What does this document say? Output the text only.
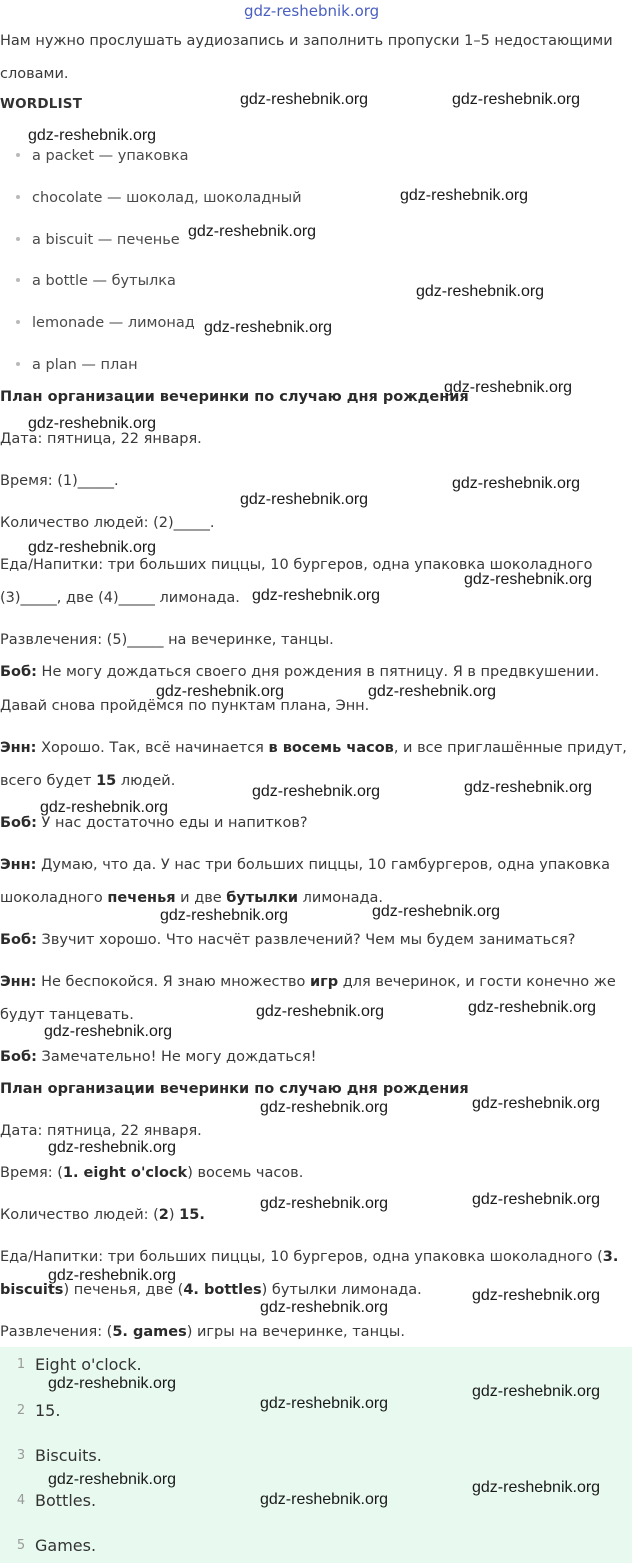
gdz-reshebnik.org
Нам нужно прослушать аудиозапись и заполнить пропуски 1–5 недостающими
словами.
WORDLIST
a packet — упаковка
chocolate — шоколад, шоколадный
a biscuit — печенье
a bottle — бутылка
lemonade — лимонад
a plan — план
План организации вечеринки по случаю дня рождения
Дата: пятница, 22 января.
Время: (1)_____.
Количество людей: (2)_____.
Еда/Напитки: три больших пиццы, 10 бургеров, одна упаковка шоколадного
(3)_____, две (4)_____ лимонада.
Развлечения: (5)_____ на вечеринке, танцы.
Боб: Не могу дождаться своего дня рождения в пятницу. Я в предвкушении.
Давай снова пройдёмся по пунктам плана, Энн.
Энн: Хорошо. Так, всё начинается в восемь часов, и все приглашённые придут,
всего будет 15 людей.
Боб: У нас достаточно еды и напитков?
Энн: Думаю, что да. У нас три больших пиццы, 10 гамбургеров, одна упаковка
шоколадного печенья и две бутылки лимонада.
Боб: Звучит хорошо. Что насчёт развлечений? Чем мы будем заниматься?
Энн: Не беспокойся. Я знаю множество игр для вечеринок, и гости конечно же
будут танцевать.
Боб: Замечательно! Не могу дождаться!
План организации вечеринки по случаю дня рождения
Дата: пятница, 22 января.
Время: (1. eight o'clock) восемь часов.
Количество людей: (2) 15.
Еда/Напитки: три больших пиццы, 10 бургеров, одна упаковка шоколадного (3.
biscuits) печенья, две (4. bottles) бутылки лимонада.
Развлечения: (5. games) игры на вечеринке, танцы.
1 Eight o'clock.
2 15.
3 Biscuits.
4 Bottles.
5 Games.
gdz-reshebnik.org	gdz-reshebnik.org
gdz-reshebnik.org
gdz-reshebnik.org
gdz-reshebnik.org
gdz-reshebnik.org
gdz-reshebnik.org
gdz-reshebnik.org
gdz-reshebnik.org
gdz-reshebnik.org
gdz-reshebnik.org
gdz-reshebnik.org
gdz-reshebnik.org
gdz-reshebnik.org
gdz-reshebnik.org	gdz-reshebnik.org
gdz-reshebnik.org	gdz-reshebnik.org
gdz-reshebnik.org
gdz-reshebnik.org	gdz-reshebnik.org
gdz-reshebnik.org	gdz-reshebnik.org
gdz-reshebnik.org
gdz-reshebnik.org	gdz-reshebnik.org
gdz-reshebnik.org
gdz-reshebnik.org	gdz-reshebnik.org
gdz-reshebnik.org
gdz-reshebnik.org
gdz-reshebnik.org
gdz-reshebnik.org
gdz-reshebnik.org
gdz-reshebnik.org
gdz-reshebnik.org
gdz-reshebnik.org
gdz-reshebnik.org
